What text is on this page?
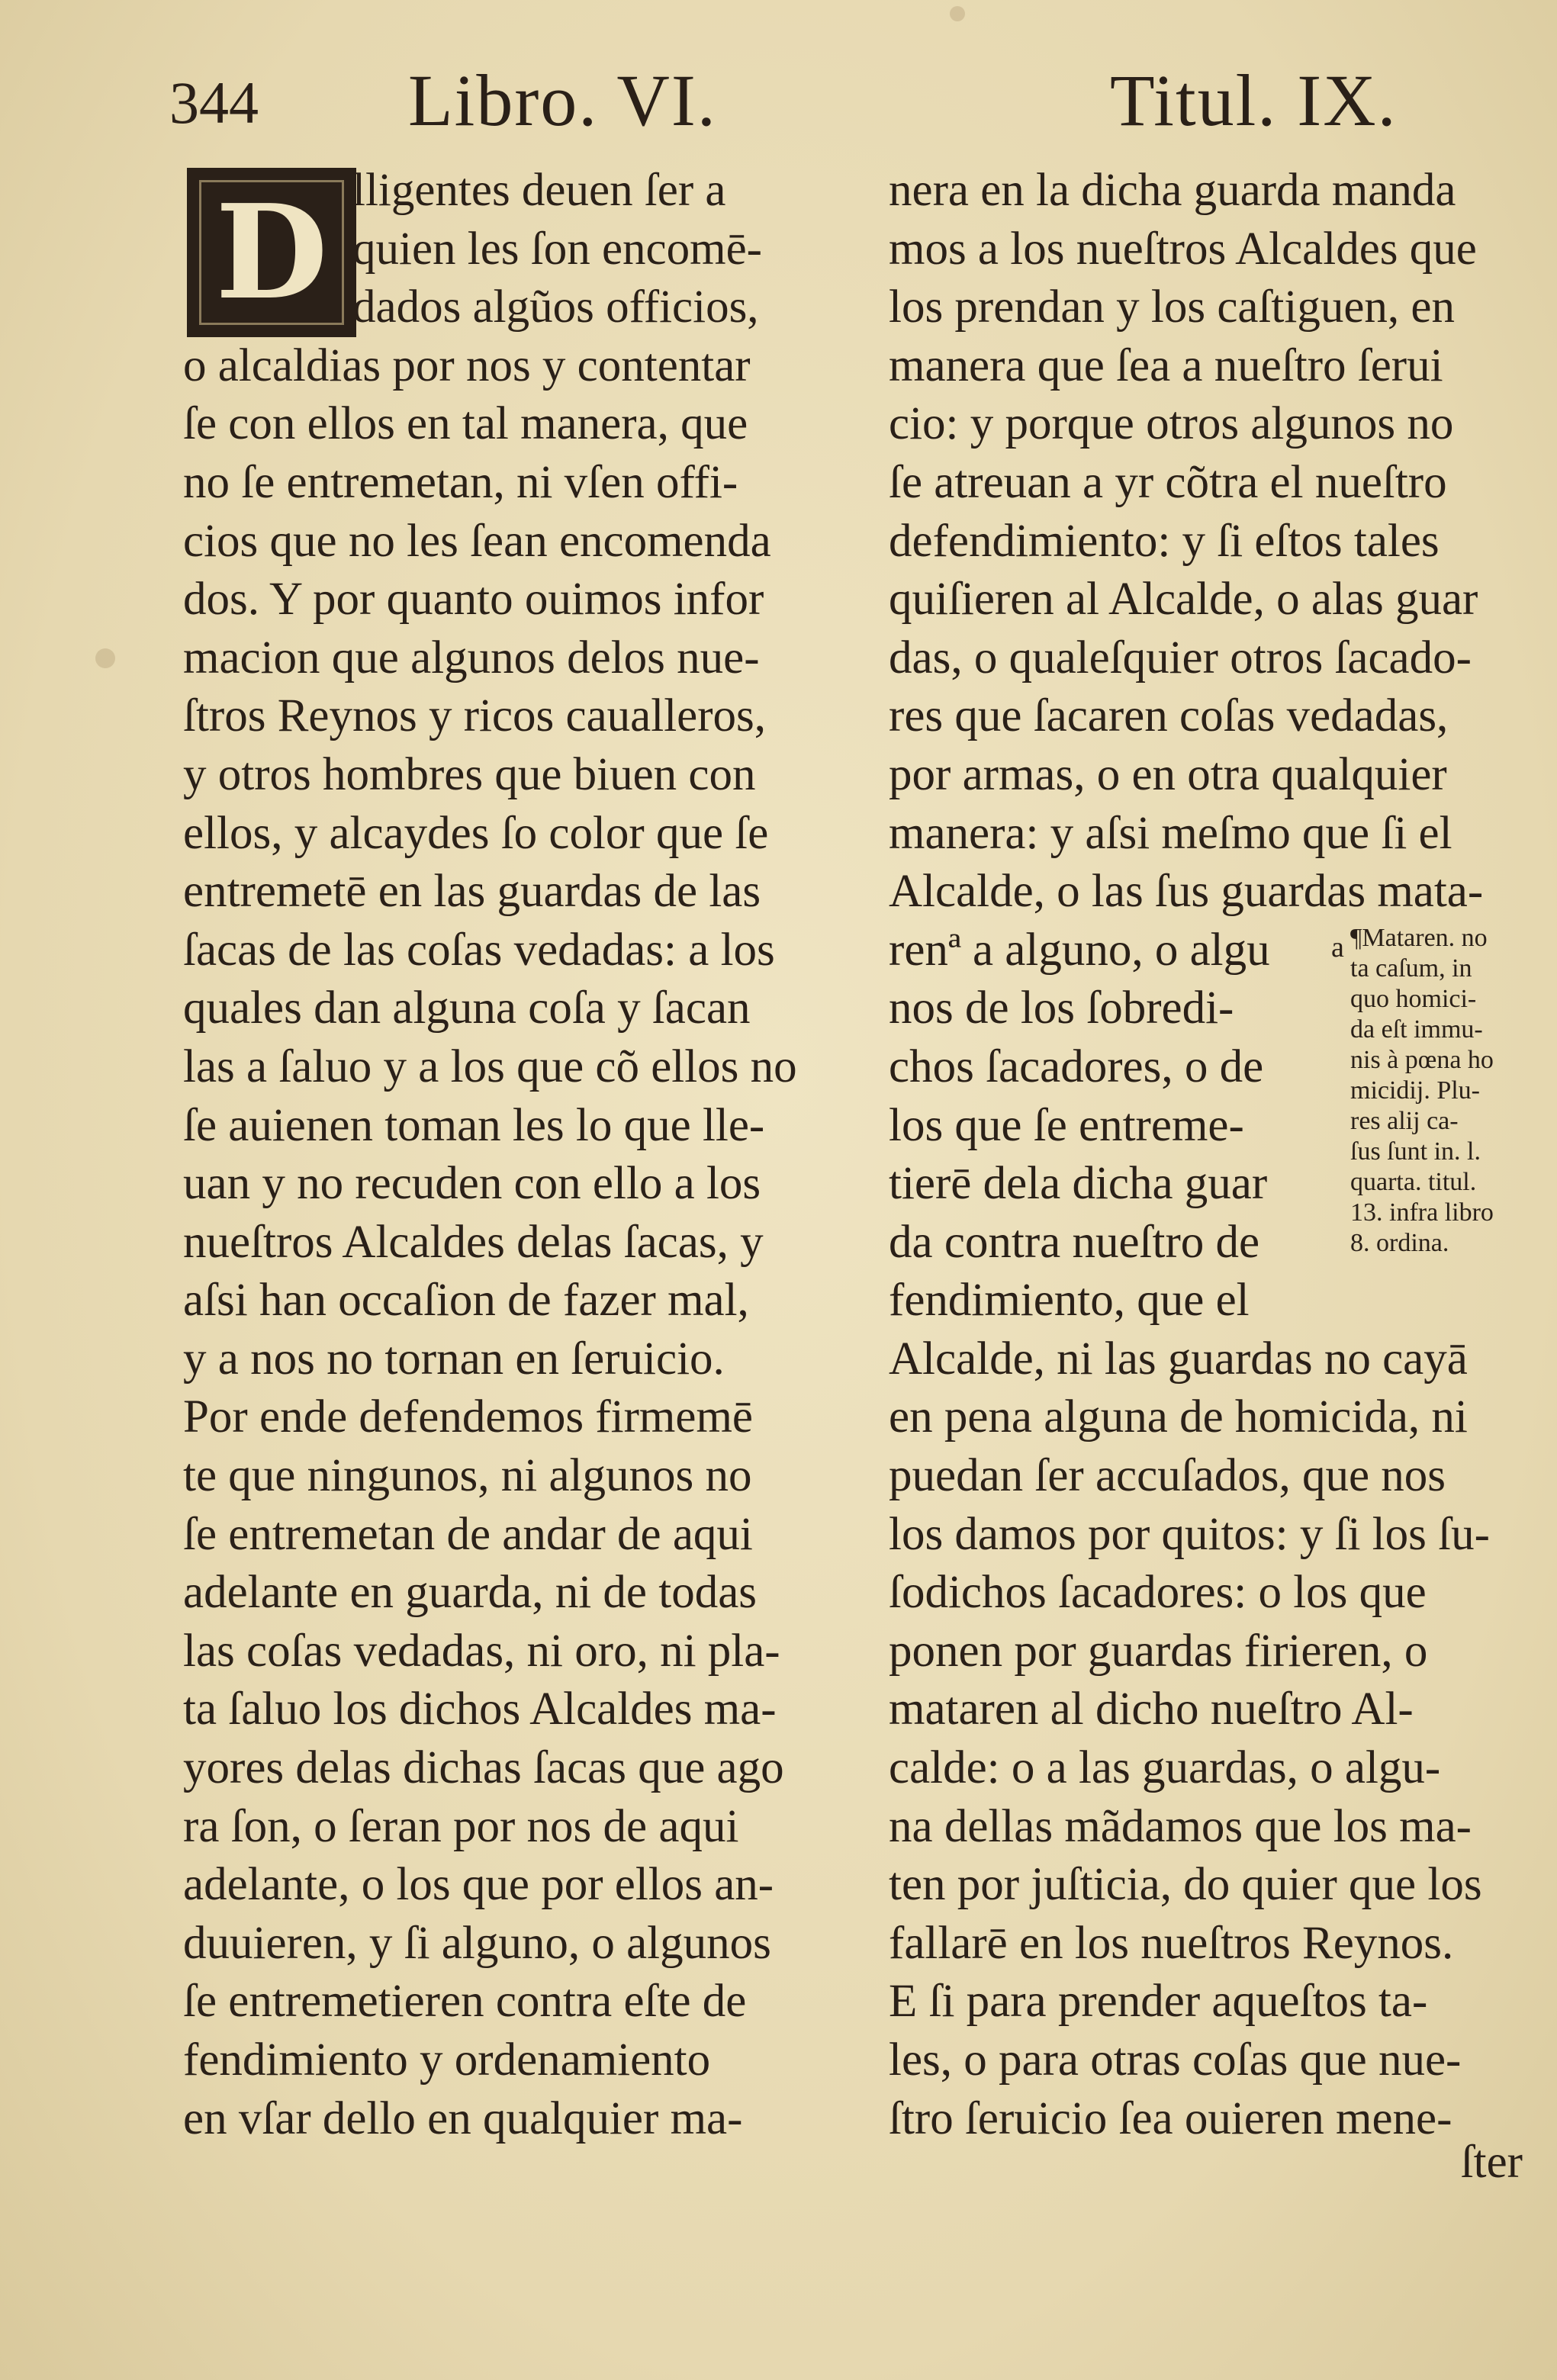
344 Libro. VI.	Titul. IX.
D lligentes deuen ſer a
quien les ſon encomē-
dados algũos officios,
o alcaldias por nos y contentar
ſe con ellos en tal manera, que
no ſe entremetan, ni vſen offi-
cios que no les ſean encomenda
dos. Y por quanto ouimos infor
macion que algunos delos nue-
ſtros Reynos y ricos caualleros,
y otros hombres que biuen con
ellos, y alcaydes ſo color que ſe
entremetē en las guardas de las
ſacas de las coſas vedadas: a los
quales dan alguna coſa y ſacan
las a ſaluo y a los que cõ ellos no
ſe auienen toman les lo que lle-
uan y no recuden con ello a los
nueſtros Alcaldes delas ſacas, y
aſsi han occaſion de fazer mal,
y a nos no tornan en ſeruicio.
Por ende defendemos firmemē
te que ningunos, ni algunos no
ſe entremetan de andar de aqui
adelante en guarda, ni de todas
las coſas vedadas, ni oro, ni pla-
ta ſaluo los dichos Alcaldes ma-
yores delas dichas ſacas que ago
ra ſon, o ſeran por nos de aqui
adelante, o los que por ellos an-
duuieren, y ſi alguno, o algunos
ſe entremetieren contra eſte de
fendimiento y ordenamiento
en vſar dello en qualquier ma-
nera en la dicha guarda manda
mos a los nueſtros Alcaldes que
los prendan y los caſtiguen, en
manera que ſea a nueſtro ſerui
cio: y porque otros algunos no
ſe atreuan a yr cõtra el nueſtro
defendimiento: y ſi eſtos tales
quiſieren al Alcalde, o alas guar
das, o qualeſquier otros ſacado-
res que ſacaren coſas vedadas,
por armas, o en otra qualquier
manera: y aſsi meſmo que ſi el
Alcalde, o las ſus guardas mata-
renª a alguno, o algu
nos de los ſobredi-
chos ſacadores, o de
los que ſe entreme-
tierē dela dicha guar
da contra nueſtro de
fendimiento, que el
Alcalde, ni las guardas no cayā
en pena alguna de homicida, ni
puedan ſer accuſados, que nos
los damos por quitos: y ſi los ſu-
ſodichos ſacadores: o los que
ponen por guardas firieren, o
mataren al dicho nueſtro Al-
calde: o a las guardas, o algu-
na dellas mãdamos que los ma-
ten por juſticia, do quier que los
fallarē en los nueſtros Reynos.
E ſi para prender aqueſtos ta-
les, o para otras coſas que nue-
ſtro ſeruicio ſea ouieren mene-
a ¶Mataren. no
ta caſum, in
quo homici-
da eſt immu-
nis à pœna ho
micidij. Plu-
res alij ca-
ſus ſunt in. l.
quarta. titul.
13. infra libro
8. ordina.
ſter
